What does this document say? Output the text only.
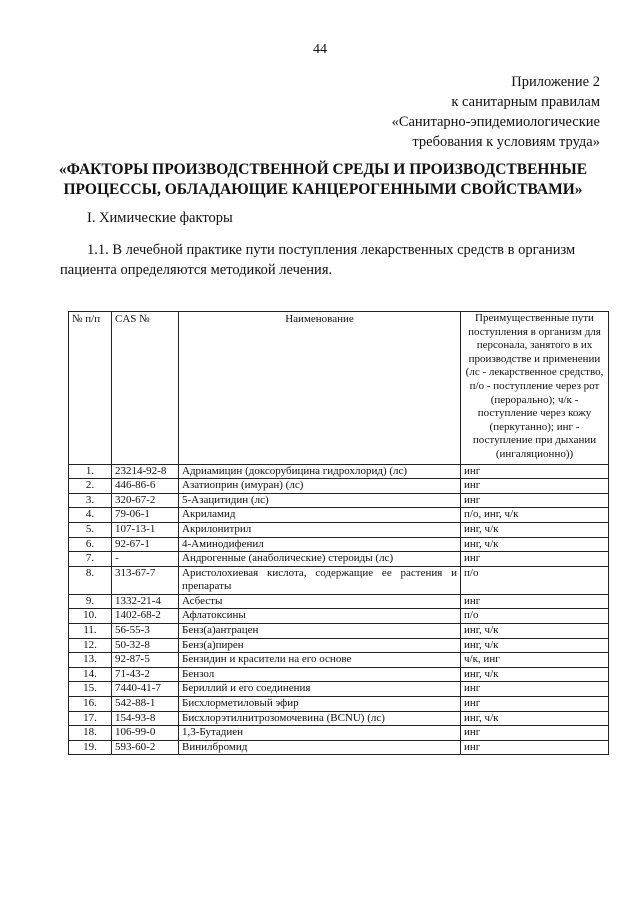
44
Приложение 2
к санитарным правилам
«Санитарно-эпидемиологические
требования к условиям труда»
«ФАКТОРЫ ПРОИЗВОДСТВЕННОЙ СРЕДЫ И ПРОИЗВОДСТВЕННЫЕ
ПРОЦЕССЫ, ОБЛАДАЮЩИЕ КАНЦЕРОГЕННЫМИ СВОЙСТВАМИ»
I. Химические факторы
1.1. В лечебной практике пути поступления лекарственных средств в организм пациента определяются методикой лечения.
№ п/п	CAS №	Наименование	Преимущественные пути поступления в организм для персонала, занятого в их производстве и применении (лс - лекарственное средство, п/о - поступление через рот (перорально); ч/к - поступление через кожу (перкутанно); инг - поступление при дыхании (ингаляционно))
1.	23214-92-8	Адриамицин (доксорубицина гидрохлорид) (лс)	инг
2.	446-86-6	Азатиоприн (имуран) (лс)	инг
3.	320-67-2	5-Азацитидин (лс)	инг
4.	79-06-1	Акриламид	п/о, инг, ч/к
5.	107-13-1	Акрилонитрил	инг, ч/к
6.	92-67-1	4-Аминодифенил	инг, ч/к
7.	-	Андрогенные (анаболические) стероиды (лс)	инг
8.	313-67-7	Аристолохиевая кислота, содержащие ее растения и препараты	п/о
9.	1332-21-4	Асбесты	инг
10.	1402-68-2	Афлатоксины	п/о
11.	56-55-3	Бенз(а)антрацен	инг, ч/к
12.	50-32-8	Бенз(а)пирен	инг, ч/к
13.	92-87-5	Бензидин и красители на его основе	ч/к, инг
14.	71-43-2	Бензол	инг, ч/к
15.	7440-41-7	Бериллий и его соединения	инг
16.	542-88-1	Бисхлорметиловый эфир	инг
17.	154-93-8	Бисхлорэтилнитрозомочевина (BCNU) (лс)	инг, ч/к
18.	106-99-0	1,3-Бутадиен	инг
19.	593-60-2	Винилбромид	инг
